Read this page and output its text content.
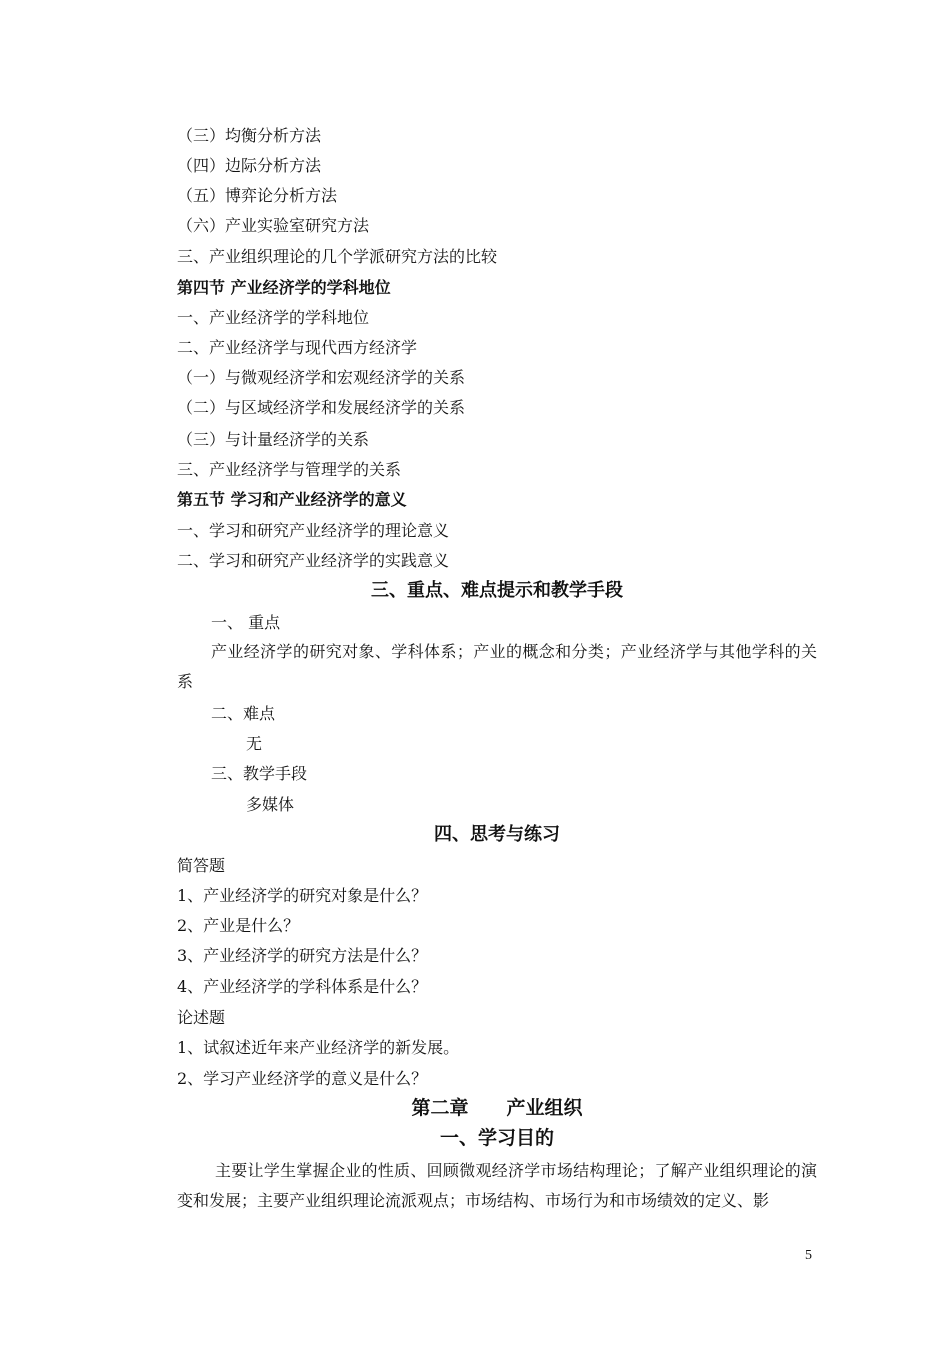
（三）均衡分析方法
（四）边际分析方法
（五）博弈论分析方法
（六）产业实验室研究方法
三、产业组织理论的几个学派研究方法的比较
第四节 产业经济学的学科地位
一、产业经济学的学科地位
二、产业经济学与现代西方经济学
（一）与微观经济学和宏观经济学的关系
（二）与区域经济学和发展经济学的关系
（三）与计量经济学的关系
三、产业经济学与管理学的关系
第五节 学习和产业经济学的意义
一、学习和研究产业经济学的理论意义
二、学习和研究产业经济学的实践意义
三、重点、难点提示和教学手段
一、 重点
产业经济学的研究对象、学科体系；产业的概念和分类；产业经济学与其他学科的关系
二、难点
无
三、教学手段
多媒体
四、思考与练习
简答题
1、产业经济学的研究对象是什么？
2、产业是什么？
3、产业经济学的研究方法是什么？
4、产业经济学的学科体系是什么？
论述题
1、试叙述近年来产业经济学的新发展。
2、学习产业经济学的意义是什么？
第二章　　产业组织
一、学习目的
主要让学生掌握企业的性质、回顾微观经济学市场结构理论；了解产业组织理论的演变和发展；主要产业组织理论流派观点；市场结构、市场行为和市场绩效的定义、影
5
